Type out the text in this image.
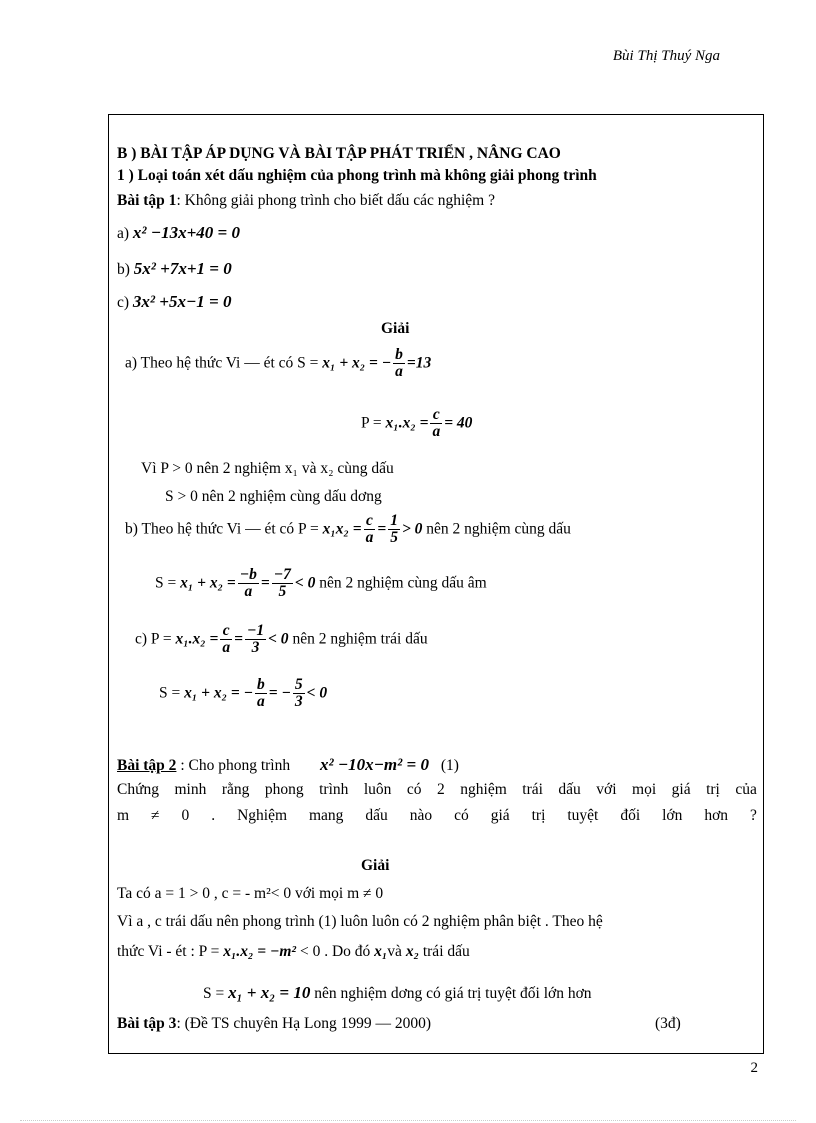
Bùi Thị Thuý Nga
B ) BÀI TẬP ÁP DỤNG VÀ BÀI TẬP PHÁT TRIỂN , NÂNG CAO
1 ) Loại toán xét dấu nghiệm của phong trình mà không giải phong trình
Bài tập 1: Không giải phong trình cho biết dấu các nghiệm ?
a) x² −13x+40 = 0
b) 5x² +7x+1 = 0
c) 3x² +5x−1 = 0
Giải
a) Theo hệ thức Vi — ét có S = x₁ + x₂ = − $\frac{b}{a} =13$
$P = x_1.x_2 = \frac{c}{a} = 40$
Vì P > 0 nên 2 nghiệm x₁ và x₂ cùng dấu
S > 0 nên 2 nghiệm cùng dấu dơng
b) Theo hệ thức Vi — ét có $P = x_1x_2 = \frac{c}{a} = \frac{1}{5} > 0$ nên 2 nghiệm cùng dấu
$S = x_1 + x_2 = \frac{-b}{a} = \frac{-7}{5} < 0$ nên 2 nghiệm cùng dấu âm
c) $P = x_1.x_2 = \frac{c}{a} = \frac{-1}{3} < 0$ nên 2 nghiệm trái dấu
S = x₁ + x₂ = − $\frac{b}{a}$ = − $\frac{5}{3} < 0$
Bài tập 2 : Cho phong trình x² −10x−m² = 0 (1)
Chứng minh rằng phong trình luôn có 2 nghiệm trái dấu với mọi giá trị của
m ≠ 0 . Nghiệm mang dấu nào có giá trị tuyệt đối lớn hơn ?
Giải
Ta có a = 1 > 0 , c = - m²< 0 với mọi m ≠ 0
Vì a , c trái dấu nên phong trình (1) luôn luôn có 2 nghiệm phân biệt . Theo hệ
thức Vi - ét : P = x₁.x₂ = −m² < 0 . Do đó x₁và x₂ trái dấu
S = x₁ + x₂ = 10 nên nghiệm dơng có giá trị tuyệt đối lớn hơn
Bài tập 3: (Đề TS chuyên Hạ Long 1999 — 2000)	(3đ)
2
